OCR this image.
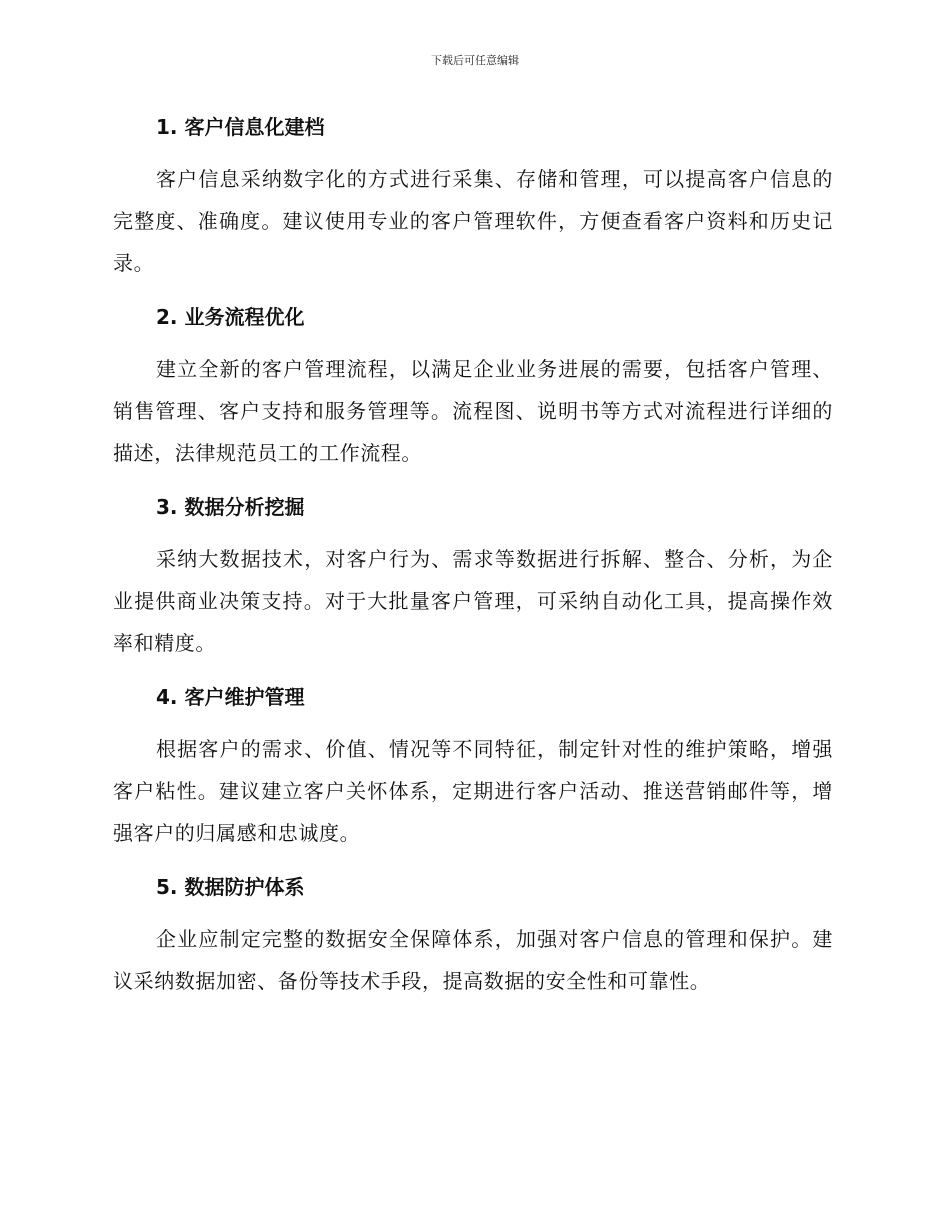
下载后可任意编辑
1. 客户信息化建档

客户信息采纳数字化的方式进行采集、存储和管理，可以提高客户信息的完整度、准确度。建议使用专业的客户管理软件，方便查看客户资料和历史记录。

2. 业务流程优化

建立全新的客户管理流程，以满足企业业务进展的需要，包括客户管理、销售管理、客户支持和服务管理等。流程图、说明书等方式对流程进行详细的描述，法律规范员工的工作流程。

3. 数据分析挖掘

采纳大数据技术，对客户行为、需求等数据进行拆解、整合、分析，为企业提供商业决策支持。对于大批量客户管理，可采纳自动化工具，提高操作效率和精度。

4. 客户维护管理

根据客户的需求、价值、情况等不同特征，制定针对性的维护策略，增强客户粘性。建议建立客户关怀体系，定期进行客户活动、推送营销邮件等，增强客户的归属感和忠诚度。

5. 数据防护体系

企业应制定完整的数据安全保障体系，加强对客户信息的管理和保护。建议采纳数据加密、备份等技术手段，提高数据的安全性和可靠性。
